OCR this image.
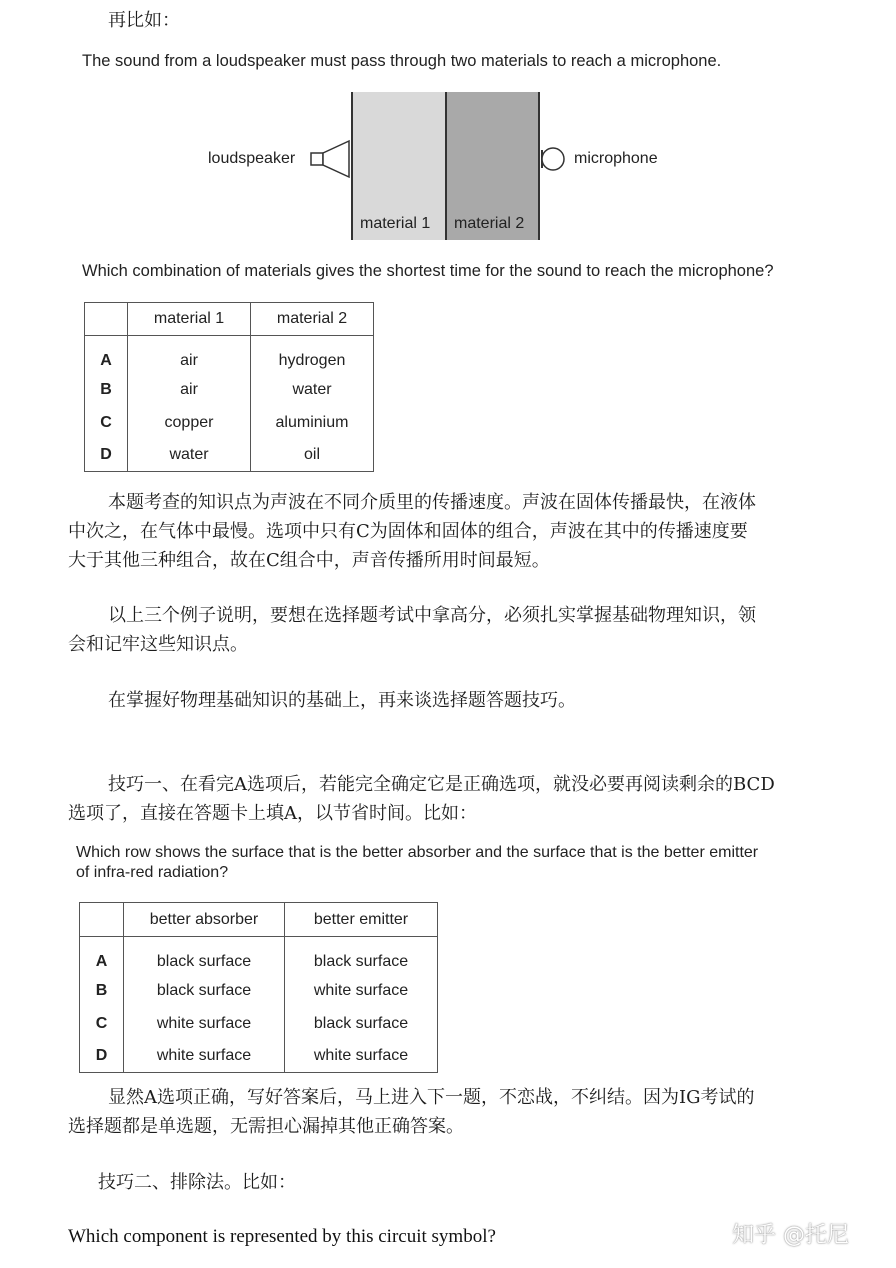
再比如：
The sound from a loudspeaker must pass through two materials to reach a microphone.
loudspeaker	microphone
material 1 material 2
Which combination of materials gives the shortest time for the sound to reach the microphone?
	material 1	material 2
A	air	hydrogen
B	air	water
C	copper	aluminium
D	water	oil
本题考查的知识点为声波在不同介质里的传播速度。声波在固体传播最快，在液体
中次之，在气体中最慢。选项中只有C为固体和固体的组合，声波在其中的传播速度要
大于其他三种组合，故在C组合中，声音传播所用时间最短。
以上三个例子说明，要想在选择题考试中拿高分，必须扎实掌握基础物理知识，领
会和记牢这些知识点。
在掌握好物理基础知识的基础上，再来谈选择题答题技巧。
技巧一、在看完A选项后，若能完全确定它是正确选项，就没必要再阅读剩余的BCD
选项了，直接在答题卡上填A，以节省时间。比如：
Which row shows the surface that is the better absorber and the surface that is the better emitter
of infra-red radiation?
	better absorber	better emitter
A	black surface	black surface
B	black surface	white surface
C	white surface	black surface
D	white surface	white surface
显然A选项正确，写好答案后，马上进入下一题，不恋战，不纠结。因为IG考试的
选择题都是单选题，无需担心漏掉其他正确答案。
技巧二、排除法。比如：
Which component is represented by this circuit symbol?	知乎 @托尼
